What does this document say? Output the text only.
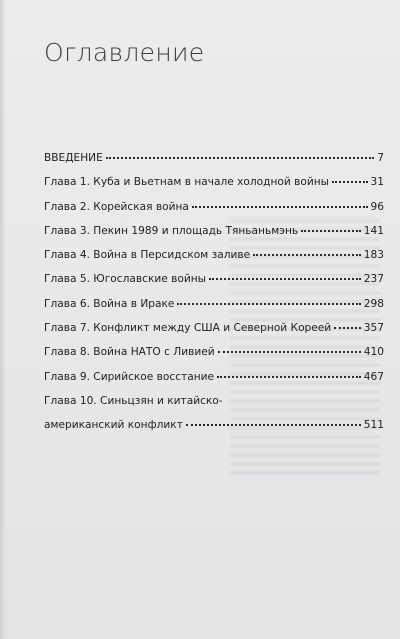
Оглавление
ВВЕДЕНИЕ	7
Глава 1. Куба и Вьетнам в начале холодной войны	31
Глава 2. Корейская война	96
Глава 3. Пекин 1989 и площадь Тяньаньмэнь	141
Глава 4. Война в Персидском заливе	183
Глава 5. Югославские войны	237
Глава 6. Война в Ираке	298
Глава 7. Конфликт между США и Северной Кореей	357
Глава 8. Война НАТО с Ливией	410
Глава 9. Сирийское восстание	467
Глава 10. Синьцзян и китайско-
американский конфликт	511
